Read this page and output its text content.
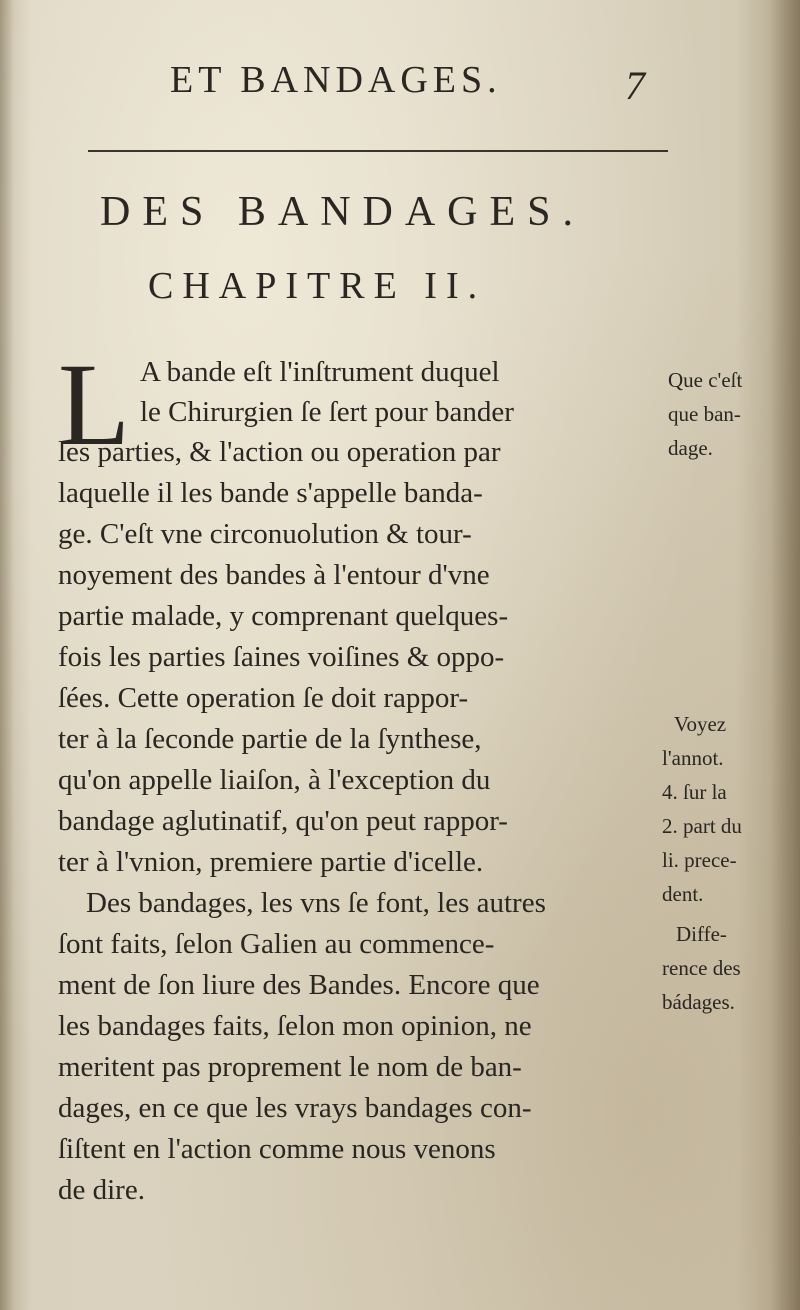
ET BANDAGES.	7
DES BANDAGES.
CHAPITRE II.
L A bande eſt l'inſtrument duquel
le Chirurgien ſe ſert pour bander
les parties, & l'action ou operation par
laquelle il les bande s'appelle banda-
ge. C'eſt vne circonuolution & tour-
noyement des bandes à l'entour d'vne
partie malade, y comprenant quelques-
fois les parties ſaines voiſines & oppo-
ſées. Cette operation ſe doit rappor-
ter à la ſeconde partie de la ſynthese,
qu'on appelle liaiſon, à l'exception du
bandage aglutinatif, qu'on peut rappor-
ter à l'vnion, premiere partie d'icelle.
Des bandages, les vns ſe font, les autres
ſont faits, ſelon Galien au commence-
ment de ſon liure des Bandes. Encore que
les bandages faits, ſelon mon opinion, ne
meritent pas proprement le nom de ban-
dages, en ce que les vrays bandages con-
ſiſtent en l'action comme nous venons
de dire.
Que c'eſt
que ban-
dage.
Voyez
l'annot.
4. ſur la
2. part du
li. prece-
dent.
Diffe-
rence des
bádages.
